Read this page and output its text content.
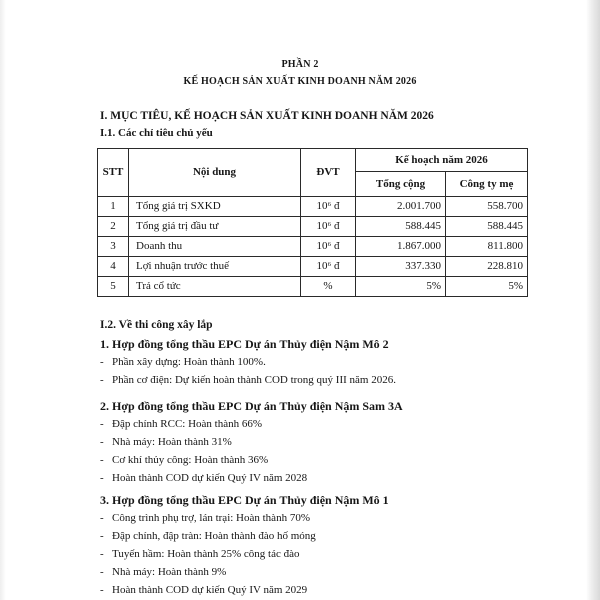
PHẦN 2
KẾ HOẠCH SẢN XUẤT KINH DOANH NĂM 2026
I. MỤC TIÊU, KẾ HOẠCH SẢN XUẤT KINH DOANH NĂM 2026
I.1. Các chỉ tiêu chủ yếu
STT	Nội dung	ĐVT	Kế hoạch năm 2026	
			Tổng cộng	Công ty mẹ
1	Tổng giá trị SXKD	10⁶ đ	2.001.700	558.700
2	Tổng giá trị đầu tư	10⁶ đ	588.445	588.445
3	Doanh thu	10⁶ đ	1.867.000	811.800
4	Lợi nhuận trước thuế	10⁶ đ	337.330	228.810
5	Trả cổ tức	%	5%	5%
I.2. Về thi công xây lắp
1. Hợp đồng tổng thầu EPC Dự án Thủy điện Nậm Mô 2
- Phần xây dựng: Hoàn thành 100%.
- Phần cơ điện: Dự kiến hoàn thành COD trong quý III năm 2026.
2. Hợp đồng tổng thầu EPC Dự án Thủy điện Nậm Sam 3A
- Đập chính RCC: Hoàn thành 66%
- Nhà máy: Hoàn thành 31%
- Cơ khí thủy công: Hoàn thành 36%
- Hoàn thành COD dự kiến Quý IV năm 2028
3. Hợp đồng tổng thầu EPC Dự án Thủy điện Nậm Mô 1
- Công trình phụ trợ, lán trại: Hoàn thành 70%
- Đập chính, đập tràn: Hoàn thành đào hố móng
- Tuyến hầm: Hoàn thành 25% công tác đào
- Nhà máy: Hoàn thành 9%
- Hoàn thành COD dự kiến Quý IV năm 2029
